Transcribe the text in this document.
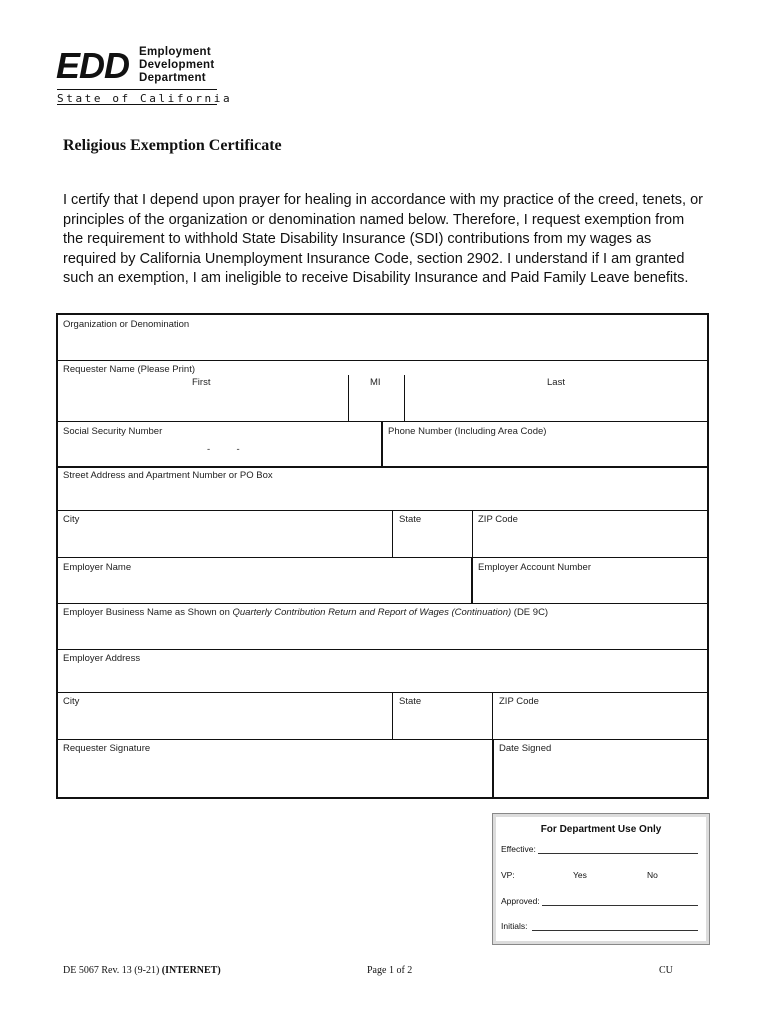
EDD Employment
Development
Department
State of California
Religious Exemption Certificate
I certify that I depend upon prayer for healing in accordance with my practice of the creed, tenets, or principles of the organization or denomination named below. Therefore, I request exemption from the requirement to withhold State Disability Insurance (SDI) contributions from my wages as required by California Unemployment Insurance Code, section 2902. I understand if I am granted such an exemption, I am ineligible to receive Disability Insurance and Paid Family Leave benefits.
Organization or Denomination
Requester Name (Please Print)
First	MI	Last
Social Security Number
-          -
Phone Number (Including Area Code)
Street Address and Apartment Number or PO Box
City	State	ZIP Code
Employer Name	Employer Account Number
Employer Business Name as Shown on Quarterly Contribution Return and Report of Wages (Continuation) (DE 9C)
Employer Address
City	State	ZIP Code
Requester Signature	Date Signed
For Department Use Only
Effective:
VP:	Yes	No
Approved:
Initials:
DE 5067 Rev. 13 (9-21) (INTERNET)	Page 1 of 2	CU
